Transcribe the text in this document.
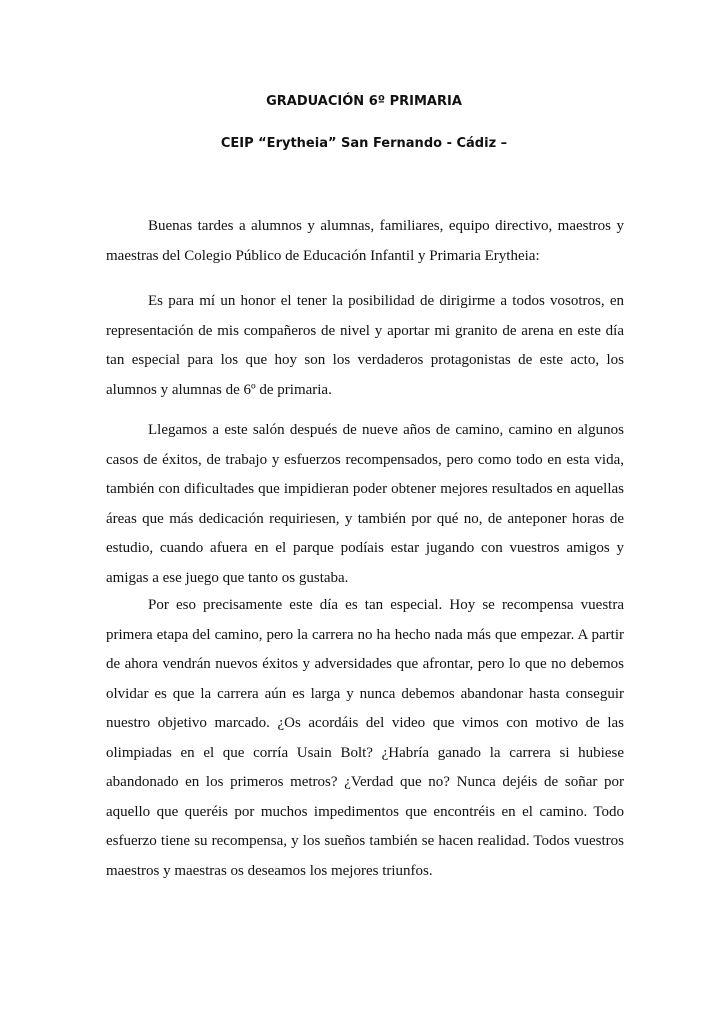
GRADUACIÓN 6º PRIMARIA
CEIP “Erytheia” San Fernando - Cádiz –

Buenas tardes a alumnos y alumnas, familiares, equipo directivo, maestros y maestras del Colegio Público de Educación Infantil y Primaria Erytheia:

Es para mí un honor el tener la posibilidad de dirigirme a todos vosotros, en representación de mis compañeros de nivel y aportar mi granito de arena en este día tan especial para los que hoy son los verdaderos protagonistas de este acto, los alumnos y alumnas de 6º de primaria.

Llegamos a este salón después de nueve años de camino, camino en algunos casos de éxitos, de trabajo y esfuerzos recompensados, pero como todo en esta vida, también con dificultades que impidieran poder obtener mejores resultados en aquellas áreas que más dedicación requiriesen, y también por qué no, de anteponer horas de estudio, cuando afuera en el parque podíais estar jugando con vuestros amigos y amigas a ese juego que tanto os gustaba.

Por eso precisamente este día es tan especial. Hoy se recompensa vuestra primera etapa del camino, pero la carrera no ha hecho nada más que empezar. A partir de ahora vendrán nuevos éxitos y adversidades que afrontar, pero lo que no debemos olvidar es que la carrera aún es larga y nunca debemos abandonar hasta conseguir nuestro objetivo marcado. ¿Os acordáis del video que vimos con motivo de las olimpiadas en el que corría Usain Bolt? ¿Habría ganado la carrera si hubiese abandonado en los primeros metros? ¿Verdad que no? Nunca dejéis de soñar por aquello que queréis por muchos impedimentos que encontréis en el camino. Todo esfuerzo tiene su recompensa, y los sueños también se hacen realidad. Todos vuestros maestros y maestras os deseamos los mejores triunfos.
